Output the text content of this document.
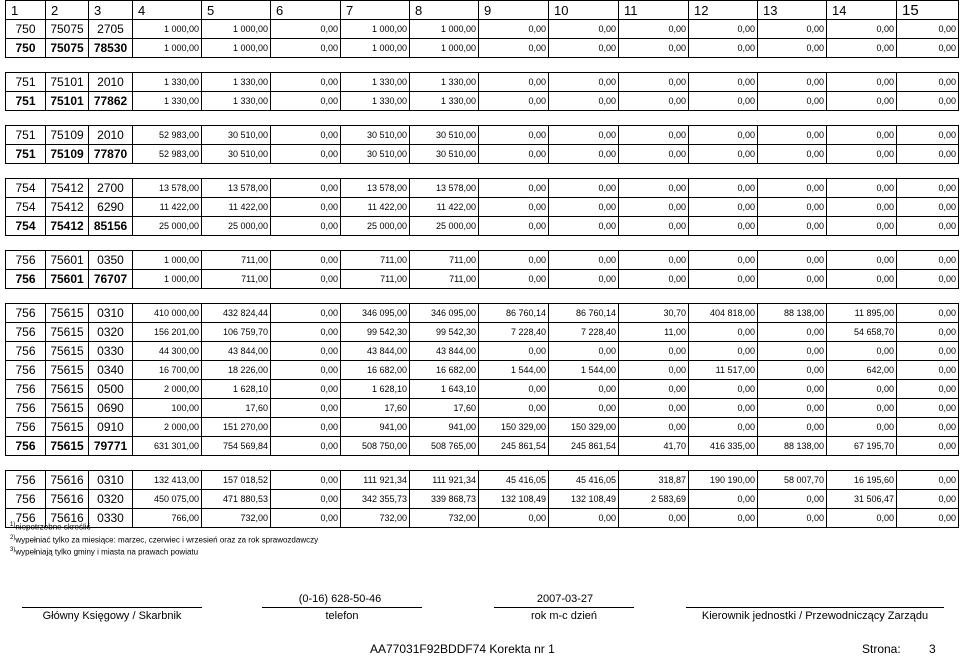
1	2	3	4	5	6	7	8	9	10	11	12	13	14	15
750	75075	2705	1 000,00	1 000,00	0,00	1 000,00	1 000,00	0,00	0,00	0,00	0,00	0,00	0,00	0,00
750	75075	78530	1 000,00	1 000,00	0,00	1 000,00	1 000,00	0,00	0,00	0,00	0,00	0,00	0,00	0,00

751	75101	2010	1 330,00	1 330,00	0,00	1 330,00	1 330,00	0,00	0,00	0,00	0,00	0,00	0,00	0,00
751	75101	77862	1 330,00	1 330,00	0,00	1 330,00	1 330,00	0,00	0,00	0,00	0,00	0,00	0,00	0,00

751	75109	2010	52 983,00	30 510,00	0,00	30 510,00	30 510,00	0,00	0,00	0,00	0,00	0,00	0,00	0,00
751	75109	77870	52 983,00	30 510,00	0,00	30 510,00	30 510,00	0,00	0,00	0,00	0,00	0,00	0,00	0,00

754	75412	2700	13 578,00	13 578,00	0,00	13 578,00	13 578,00	0,00	0,00	0,00	0,00	0,00	0,00	0,00
754	75412	6290	11 422,00	11 422,00	0,00	11 422,00	11 422,00	0,00	0,00	0,00	0,00	0,00	0,00	0,00
754	75412	85156	25 000,00	25 000,00	0,00	25 000,00	25 000,00	0,00	0,00	0,00	0,00	0,00	0,00	0,00

756	75601	0350	1 000,00	711,00	0,00	711,00	711,00	0,00	0,00	0,00	0,00	0,00	0,00	0,00
756	75601	76707	1 000,00	711,00	0,00	711,00	711,00	0,00	0,00	0,00	0,00	0,00	0,00	0,00

756	75615	0310	410 000,00	432 824,44	0,00	346 095,00	346 095,00	86 760,14	86 760,14	30,70	404 818,00	88 138,00	11 895,00	0,00
756	75615	0320	156 201,00	106 759,70	0,00	99 542,30	99 542,30	7 228,40	7 228,40	11,00	0,00	0,00	54 658,70	0,00
756	75615	0330	44 300,00	43 844,00	0,00	43 844,00	43 844,00	0,00	0,00	0,00	0,00	0,00	0,00	0,00
756	75615	0340	16 700,00	18 226,00	0,00	16 682,00	16 682,00	1 544,00	1 544,00	0,00	11 517,00	0,00	642,00	0,00
756	75615	0500	2 000,00	1 628,10	0,00	1 628,10	1 643,10	0,00	0,00	0,00	0,00	0,00	0,00	0,00
756	75615	0690	100,00	17,60	0,00	17,60	17,60	0,00	0,00	0,00	0,00	0,00	0,00	0,00
756	75615	0910	2 000,00	151 270,00	0,00	941,00	941,00	150 329,00	150 329,00	0,00	0,00	0,00	0,00	0,00
756	75615	79771	631 301,00	754 569,84	0,00	508 750,00	508 765,00	245 861,54	245 861,54	41,70	416 335,00	88 138,00	67 195,70	0,00

756	75616	0310	132 413,00	157 018,52	0,00	111 921,34	111 921,34	45 416,05	45 416,05	318,87	190 190,00	58 007,70	16 195,60	0,00
756	75616	0320	450 075,00	471 880,53	0,00	342 355,73	339 868,73	132 108,49	132 108,49	2 583,69	0,00	0,00	31 506,47	0,00
756	75616	0330	766,00	732,00	0,00	732,00	732,00	0,00	0,00	0,00	0,00	0,00	0,00	0,00
$^{1)}$niepotrzebne skreślić
$^{2)}$wypełniać tylko za miesiące: marzec, czerwiec i wrzesień oraz za rok sprawozdawczy
$^{3)}$wypełniają tylko gminy i miasta na prawach powiatu
(0-16) 628-50-46	2007-03-27
Główny Księgowy / Skarbnik	telefon	rok m-c dzień	Kierownik jednostki / Przewodniczący Zarządu
AA77031F92BDDF74 Korekta nr 1	Strona: 3
